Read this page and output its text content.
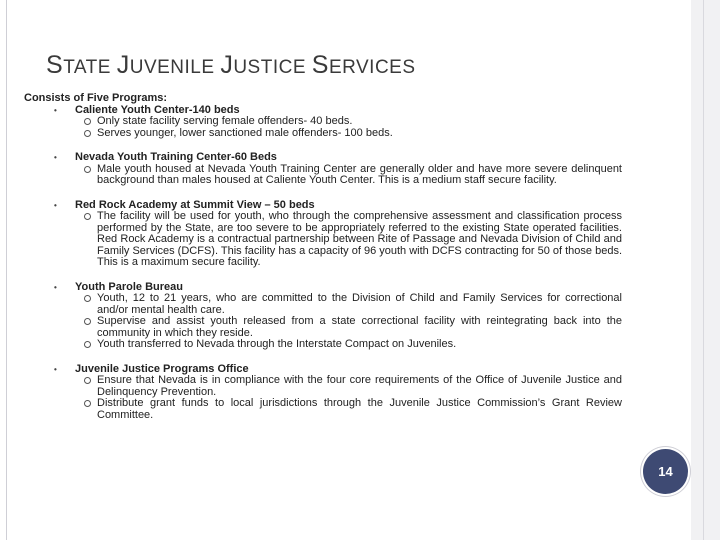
STATE JUVENILE JUSTICE SERVICES

Consists of Five Programs:

• Caliente Youth Center-140 beds
Only state facility serving female offenders- 40 beds.
Serves younger, lower sanctioned male offenders- 100 beds.
• Nevada Youth Training Center-60 Beds
Male youth housed at Nevada Youth Training Center are generally older and have more severe delinquent background than males housed at Caliente Youth Center. This is a medium staff secure facility.
• Red Rock Academy at Summit View – 50 beds
The facility will be used for youth, who through the comprehensive assessment and classification process performed by the State, are too severe to be appropriately referred to the existing State operated facilities. Red Rock Academy is a contractual partnership between Rite of Passage and Nevada Division of Child and Family Services (DCFS). This facility has a capacity of 96 youth with DCFS contracting for 50 of those beds. This is a maximum secure facility.
• Youth Parole Bureau
Youth, 12 to 21 years, who are committed to the Division of Child and Family Services for correctional and/or mental health care.
Supervise and assist youth released from a state correctional facility with reintegrating back into the community in which they reside.
Youth transferred to Nevada through the Interstate Compact on Juveniles.
• Juvenile Justice Programs Office
Ensure that Nevada is in compliance with the four core requirements of the Office of Juvenile Justice and Delinquency Prevention.
Distribute grant funds to local jurisdictions through the Juvenile Justice Commission’s Grant Review Committee.
14
